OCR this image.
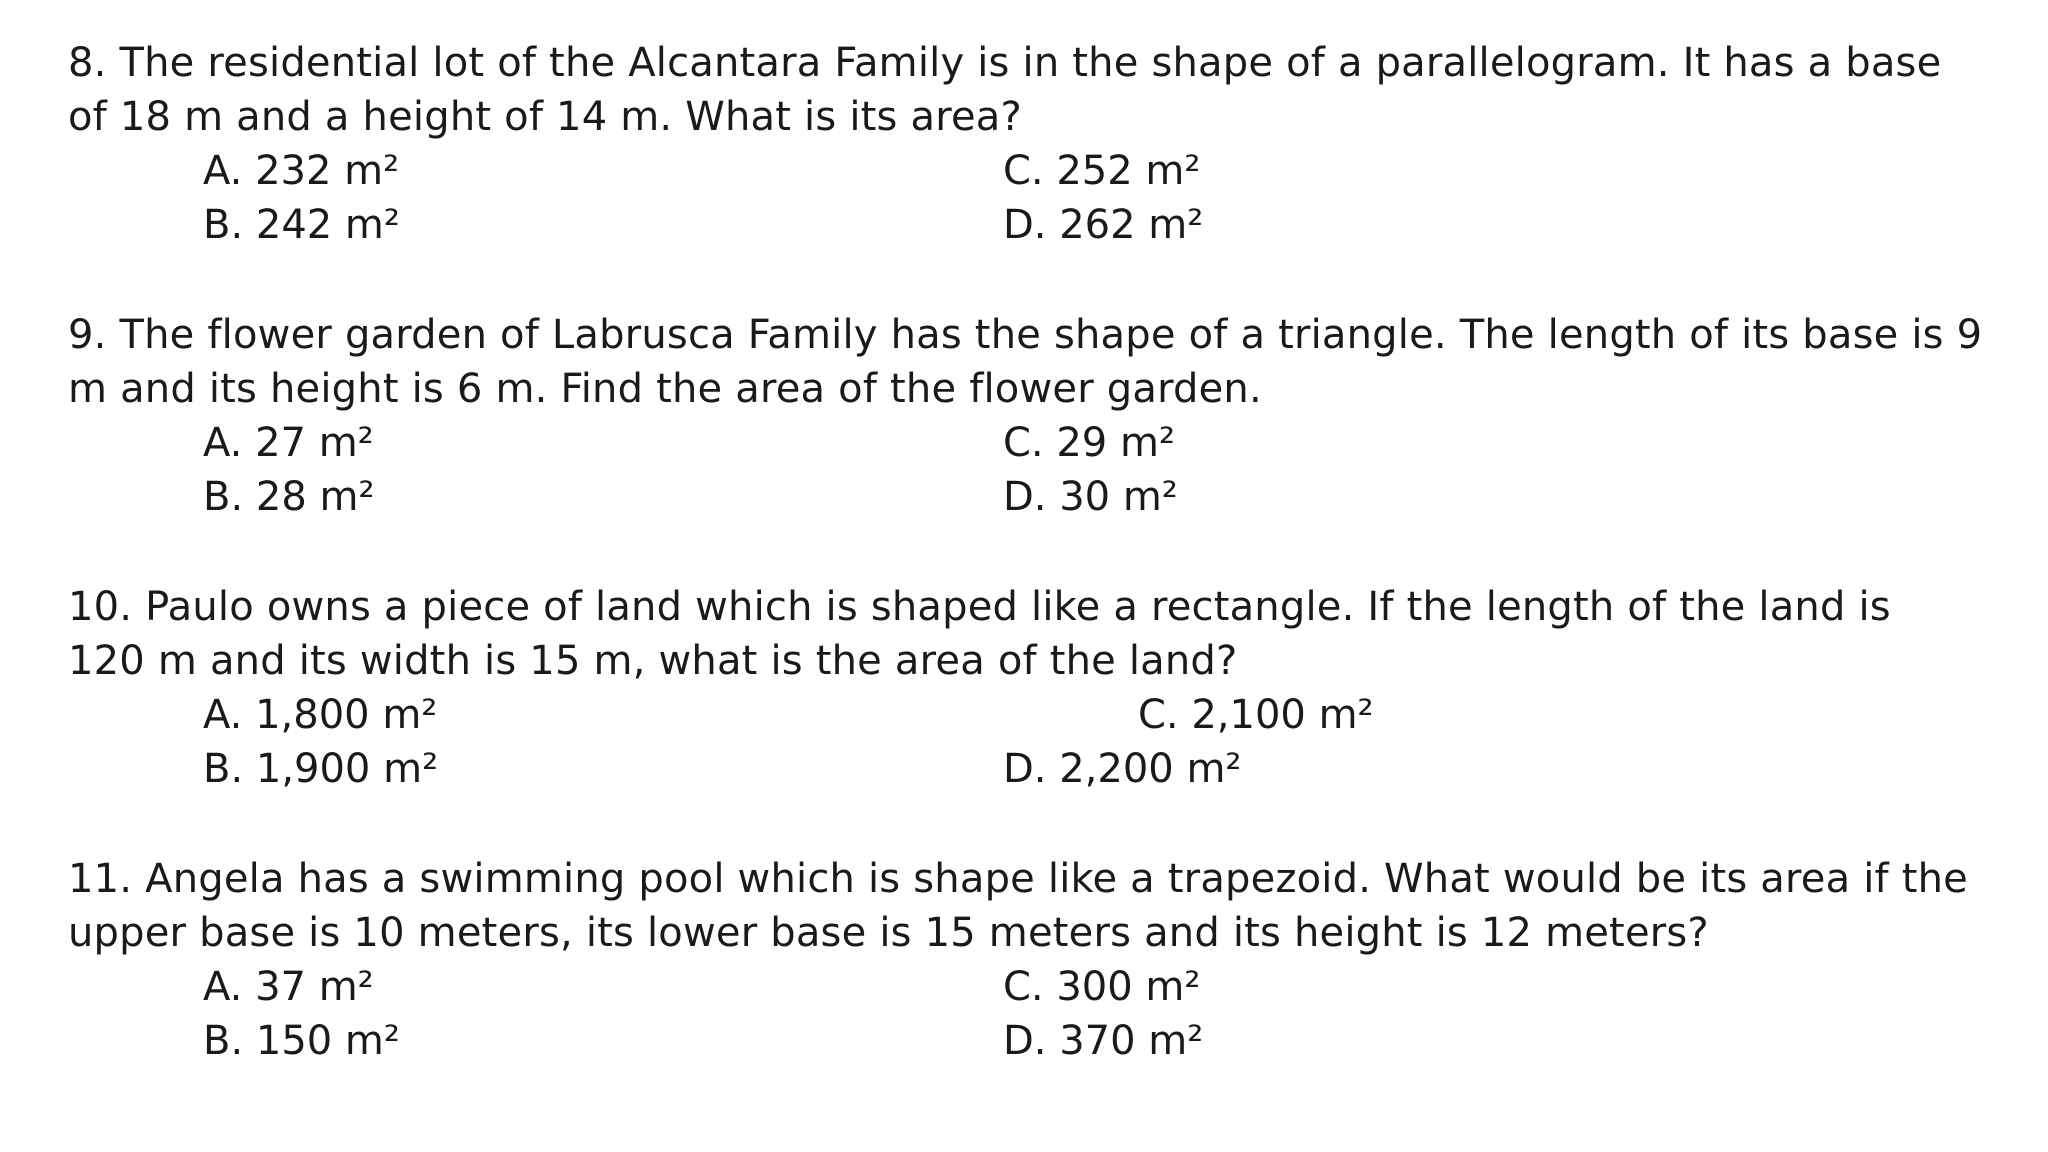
8. The residential lot of the Alcantara Family is in the shape of a parallelogram. It has a base of 18 m and a height of 14 m. What is its area?
A. 232 m²
B. 242 m²
C. 252 m²
D. 262 m²
9. The flower garden of Labrusca Family has the shape of a triangle. The length of its base is 9 m and its height is 6 m. Find the area of the flower garden.
A. 27 m²
B. 28 m²
C. 29 m²
D. 30 m²
10. Paulo owns a piece of land which is shaped like a rectangle. If the length of the land is 120 m and its width is 15 m, what is the area of the land?
A. 1,800 m²
B. 1,900 m²
C. 2,100 m²
D. 2,200 m²
11. Angela has a swimming pool which is shape like a trapezoid. What would be its area if the upper base is 10 meters, its lower base is 15 meters and its height is 12 meters?
A. 37 m²
B. 150 m²
C. 300 m²
D. 370 m²
